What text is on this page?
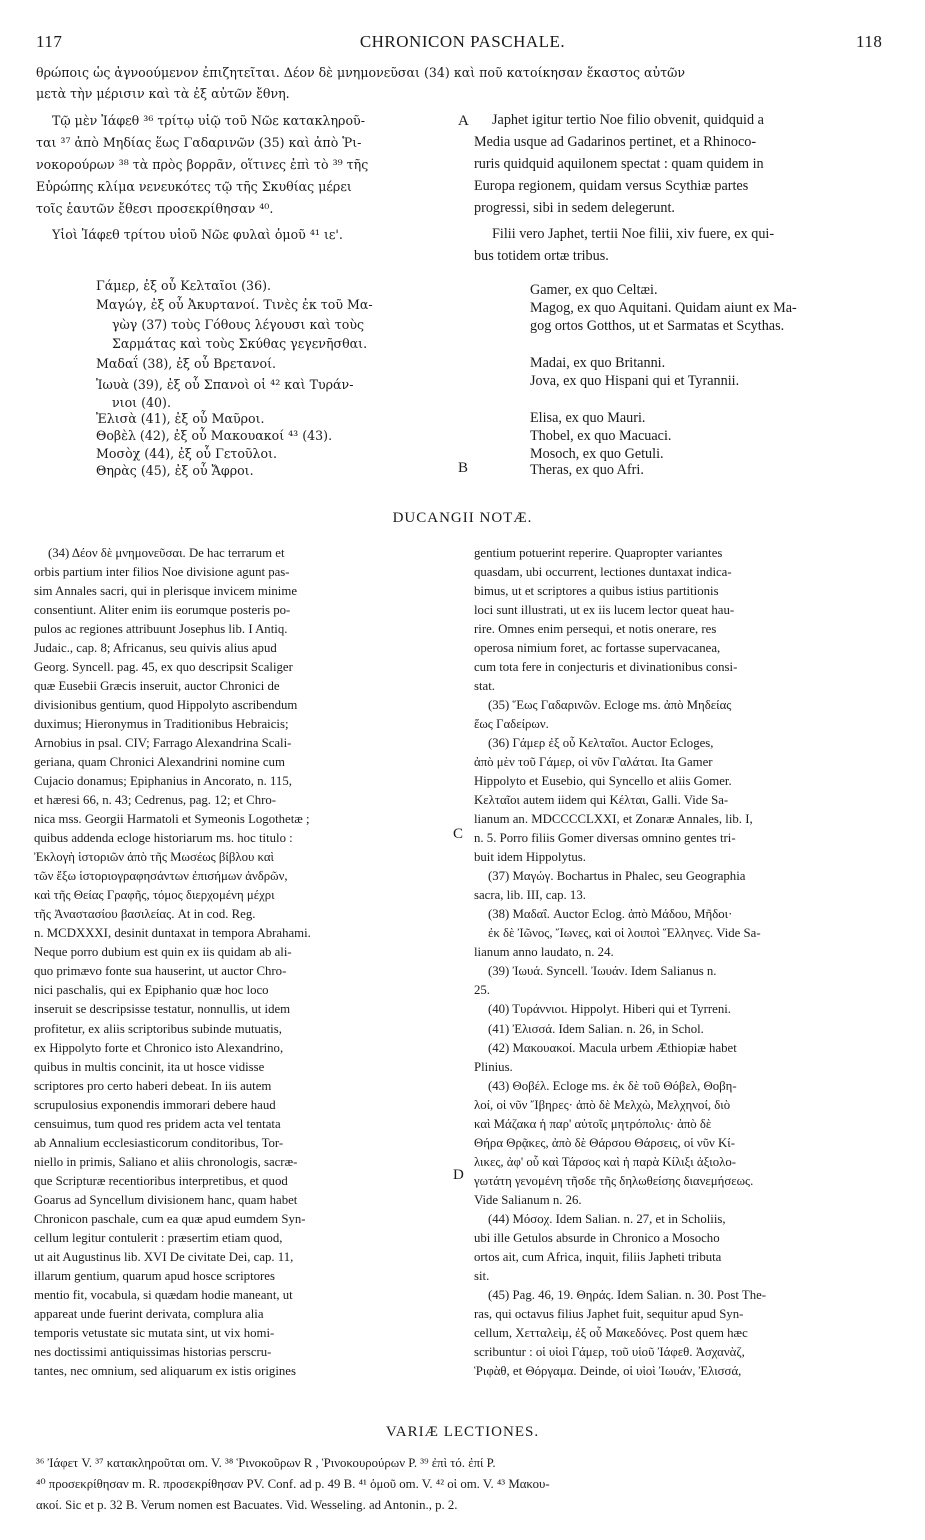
117	CHRONICON PASCHALE.	118
θρώποις ὡς ἀγνοούμενον ἐπιζητεῖται. Δέον δὲ μνημονεῦσαι (34) καὶ ποῦ κατοίκησαν ἕκαστος αὐτῶν
μετὰ τὴν μέρισιν καὶ τὰ ἐξ αὐτῶν ἔθνη.
Τῷ μὲν Ἰάφεθ ³⁶ τρίτῳ υἱῷ τοῦ Νῶε κατακληροῦ-
ται ³⁷ ἀπὸ Μηδίας ἕως Γαδαρινῶν (35) καὶ ἀπὸ Ῥι-
νοκορούρων ³⁸ τὰ πρὸς βορρᾶν, οἵτινες ἐπὶ τὸ ³⁹ τῆς
Εὐρώπης κλίμα νενευκότες τῷ τῆς Σκυθίας μέρει
τοῖς ἑαυτῶν ἔθεσι προσεκρίθησαν ⁴⁰.
Υἱοὶ Ἰάφεθ τρίτου υἱοῦ Νῶε φυλαὶ ὁμοῦ ⁴¹ ιε'.
Japhet igitur tertio Noe filio obvenit, quidquid a
Media usque ad Gadarinos pertinet, et a Rhinoco-
ruris quidquid aquilonem spectat : quam quidem in
Europa regionem, quidam versus Scythiæ partes
progressi, sibi in sedem delegerunt.
Filii vero Japhet, tertii Noe filii, xiv fuere, ex qui-
bus totidem ortæ tribus.
Γάμερ, ἐξ οὗ Κελταῖοι (36).
Μαγώγ, ἐξ οὗ Ἀκυρτανοί. Τινὲς ἐκ τοῦ Μα-
γὼγ (37) τοὺς Γόθους λέγουσι καὶ τοὺς
Σαρμάτας καὶ τοὺς Σκύθας γεγενῆσθαι.
Μαδαΐ (38), ἐξ οὗ Βρετανοί.
Ἰωυὰ (39), ἐξ οὗ Σπανοὶ οἱ ⁴² καὶ Τυράν-
νιοι (40).
Ἐλισὰ (41), ἐξ οὗ Μαῦροι.
Θοβὲλ (42), ἐξ οὗ Μακουακοί ⁴³ (43).
Μοσὸχ (44), ἐξ οὗ Γετοῦλοι.
Θηρὰς (45), ἐξ οὗ Ἄφροι.
Gamer, ex quo Celtæi.
Magog, ex quo Aquitani. Quidam aiunt ex Ma-
gog ortos Gotthos, ut et Sarmatas et Scythas.
Madai, ex quo Britanni.
Jova, ex quo Hispani qui et Tyrannii.
Elisa, ex quo Mauri.
Thobel, ex quo Macuaci.
Mosoch, ex quo Getuli.
Theras, ex quo Afri.
A
B
C
D
DUCANGII NOTÆ.
(34) Δέον δὲ μνημονεῦσαι. De hac terrarum et
orbis partium inter filios Noe divisione agunt pas-
sim Annales sacri, qui in plerisque invicem minime
consentiunt. Aliter enim iis eorumque posteris po-
pulos ac regiones attribuunt Josephus lib. I Antiq.
Judaic., cap. 8; Africanus, seu quivis alius apud
Georg. Syncell. pag. 45, ex quo descripsit Scaliger
quæ Eusebii Græcis inseruit, auctor Chronici de
divisionibus gentium, quod Hippolyto ascribendum
duximus; Hieronymus in Traditionibus Hebraicis;
Arnobius in psal. CIV; Farrago Alexandrina Scali-
geriana, quam Chronici Alexandrini nomine cum
Cujacio donamus; Epiphanius in Ancorato, n. 115,
et hæresi 66, n. 43; Cedrenus, pag. 12; et Chro-
nica mss. Georgii Harmatoli et Symeonis Logothetæ ;
quibus addenda ecloge historiarum ms. hoc titulo :
Ἐκλογὴ ἱστοριῶν ἀπὸ τῆς Μωσέως βίβλου καὶ
τῶν ἔξω ἱστοριογραφησάντων ἐπισήμων ἀνδρῶν,
καὶ τῆς Θείας Γραφῆς, τόμος διερχομένη μέχρι
τῆς Ἀναστασίου βασιλείας. At in cod. Reg.
n. MCDXXXI, desinit duntaxat in tempora Abrahami.
Neque porro dubium est quin ex iis quidam ab ali-
quo primævo fonte sua hauserint, ut auctor Chro-
nici paschalis, qui ex Epiphanio quæ hoc loco
inseruit se descripsisse testatur, nonnullis, ut idem
profitetur, ex aliis scriptoribus subinde mutuatis,
ex Hippolyto forte et Chronico isto Alexandrino,
quibus in multis concinit, ita ut hosce vidisse
scriptores pro certo haberi debeat. In iis autem
scrupulosius exponendis immorari debere haud
censuimus, tum quod res pridem acta vel tentata
ab Annalium ecclesiasticorum conditoribus, Tor-
niello in primis, Saliano et aliis chronologis, sacræ-
que Scripturæ recentioribus interpretibus, et quod
Goarus ad Syncellum divisionem hanc, quam habet
Chronicon paschale, cum ea quæ apud eumdem Syn-
cellum legitur contulerit : præsertim etiam quod,
ut ait Augustinus lib. XVI De civitate Dei, cap. 11,
illarum gentium, quarum apud hosce scriptores
mentio fit, vocabula, si quædam hodie maneant, ut
appareat unde fuerint derivata, complura alia
temporis vetustate sic mutata sint, ut vix homi-
nes doctissimi antiquissimas historias perscru-
tantes, nec omnium, sed aliquarum ex istis origines
gentium potuerint reperire. Quapropter variantes
quasdam, ubi occurrent, lectiones duntaxat indica-
bimus, ut et scriptores a quibus istius partitionis
loci sunt illustrati, ut ex iis lucem lector queat hau-
rire. Omnes enim persequi, et notis onerare, res
operosa nimium foret, ac fortasse supervacanea,
cum tota fere in conjecturis et divinationibus consi-
stat.
(35) Ἕως Γαδαρινῶν. Ecloge ms. ἀπὸ Μηδείας
ἕως Γαδείρων.
(36) Γάμερ ἐξ οὗ Κελταῖοι. Auctor Ecloges,
ἀπὸ μὲν τοῦ Γάμερ, οἱ νῦν Γαλάται. Ita Gamer
Hippolyto et Eusebio, qui Syncello et aliis Gomer.
Κελταῖοι autem iidem qui Κέλται, Galli. Vide Sa-
lianum an. MDCCCCLXXI, et Zonaræ Annales, lib. I,
n. 5. Porro filiis Gomer diversas omnino gentes tri-
buit idem Hippolytus.
(37) Μαγώγ. Bochartus in Phalec, seu Geographia
sacra, lib. III, cap. 13.
(38) Μαδαΐ. Auctor Eclog. ἀπὸ Μάδου, Μῆδοι·
ἐκ δὲ Ἰῶνος, Ἴωνες, καὶ οἱ λοιποὶ Ἕλληνες. Vide Sa-
lianum anno laudato, n. 24.
(39) Ἰωυά. Syncell. Ἰωυάν. Idem Salianus n.
25.
(40) Τυράννιοι. Hippolyt. Hiberi qui et Tyrreni.
(41) Ἐλισσά. Idem Salian. n. 26, in Schol.
(42) Μακουακοί. Macula urbem Æthiopiæ habet
Plinius.
(43) Θοβέλ. Ecloge ms. ἐκ δὲ τοῦ Θόβελ, Θοβη-
λοί, οἱ νῦν Ἴβηρες· ἀπὸ δὲ Μελχὼ, Μελχηνοί, διὸ
καὶ Μάζακα ἡ παρ' αὐτοῖς μητρόπολις· ἀπὸ δὲ
Θήρα Θρᾷκες, ἀπὸ δὲ Θάρσου Θάρσεις, οἱ νῦν Κί-
λικες, ἀφ' οὗ καὶ Τάρσος καὶ ἡ παρὰ Κίλιξι ἀξιολο-
γωτάτη γενομένη τῆσδε τῆς δηλωθείσης διανεμήσεως.
Vide Salianum n. 26.
(44) Μόσοχ. Idem Salian. n. 27, et in Scholiis,
ubi ille Getulos absurde in Chronico a Mosocho
ortos ait, cum Africa, inquit, filiis Japheti tributa
sit.
(45) Pag. 46, 19. Θηράς. Idem Salian. n. 30. Post The-
ras, qui octavus filius Japhet fuit, sequitur apud Syn-
cellum, Χετταλεὶμ, ἐξ οὗ Μακεδόνες. Post quem hæc
scribuntur : οἱ υἱοὶ Γάμερ, τοῦ υἱοῦ Ἰάφεθ. Ἀσχανὰζ,
Ῥιφὰθ, et Θόργαμα. Deinde, οἱ υἱοὶ Ἰωυάν, Ἐλισσά,
VARIÆ LECTIONES.
³⁶ Ἰάφετ V. ³⁷ κατακληροῦται om. V. ³⁸ Ῥινοκοῦρων R , Ῥινοκουρούρων P. ³⁹ ἐπὶ τό. ἐπί P.
⁴⁰ προσεκρίθησαν m. R. προσεκρίθησαν PV. Conf. ad p. 49 B. ⁴¹ ὁμοῦ om. V. ⁴² οἱ om. V. ⁴³ Μακου-
ακοί. Sic et p. 32 B. Verum nomen est Bacuates. Vid. Wesseling. ad Antonin., p. 2.
